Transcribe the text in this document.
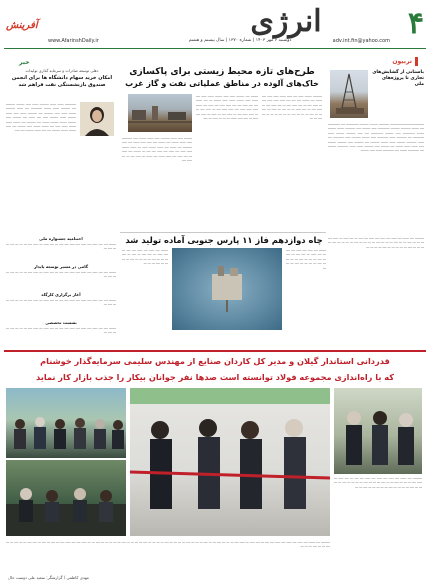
۴
adv.int.fin@yahoo.com
انرژی
دوشنبه ۶ مهر ۱۴۰۳ | شماره ۱۳۷۰ | سال بیستم و هشتم
www.AfarinshDaily.ir
آفرینش
تربیون
خبر
باستانی از گشایش‌های تجاری تا پروژه‌های ملی
ــــــــــــــــــــــــــــــــــ ــــــــــ ــــــــ ـــــــــ ــــــــــــ ــــ ــــــــــــ ــــ ـــــــ ــــــــــ ـــــــــ ــــــــــــ ـــــ ــــــــ ـــــ ــــــــــ ـــــــ ــــــــ ـــــــ ــــــــــــ ـــــ ــــــــ ــــــــــــ ــــ ـــــ ـــــــــ ــــــــ ــــــ ـــــــــــ ــــ ــــــــــ ــــــ ـــــــــــ ـــــ ــــــــ ـــــــــ ـــــ ـــــــــــ ــــ ــــــ ــــــــــ ــــــــ ــــــ ـــــــ ـــــــــ ــــ ـــــــــ ـــــ ـــــــــ ــــــــ ـــــ ــــــ ــــــ ـــــــ ــــ ــــــــ ـــــ ـــــــــ ــــــ ــــــ ـــــــــــ ــــــــ ــــ ـــــــــــ ـــــــ ــــ ـــــــــــ ــــــ ـــــ ــــــــ
دهلی توسعه صادرات و سرمایه گذاری تولیدات
امکان خرید سهام دانشگاه ها برای انجمن صندوق بازنشستگی نفت فراهم شد
ـــــــــــ ــــــ ــــــ ـــــــــ ــــــ ـــــ ــــــــ ـــــــــ ــــ ـــــــــ ــــــ ـــــــ ـــــــــــ ــــ ــــــ ـــــــــ ـــــــ ــــــ ـــــ ـــــــــ ــــ ـــــــــ ــــــ ـــــ ــــــ ــــــــ ــــــ ــــــــ ـــــ ــــ ــــــ ــــ ــــــــ ـــــ ــــــــ ـــــــ ــــــــ ـــــــ ــــ ـــــــــ ــــ ـــــــ ــــــ ـــــــ ــــــ ـــــ ــــ ـــــــ ـــــــ ـــــ ــــــــ ــــ ـــــ ـــــــ ـــــــ ــــــــ ــــ ــــ ــــــ ــــــــ ــــ ـــــ
طرح‌های تازه محیط زیستی برای پاکسازی
خاک‌های آلوده در مناطق عملیاتی نفت و گاز غرب
ــــــــ ـــــ ــــــ ـــــــــ ـــــ ــــــ ـــــــ ـــــ ــــــــــ ـــــ ــــــ ـــــــ ــــ ـــــــ ــــ ـــــ ـــــ ــــــ ــــ ـــــ ـــــــــ ــــ ــــــ ــــ ــــــ ـــــــ ـــــ ـــ ــــــ ـــــــ ـــــ ـــــ ــــ ـــــ ــــ ـــــ ــــ ــــ ـــ ـــــــ ــــ ـــــ ـــ ــــ ـــــ ــــ ـــــ ــــــ ــــ ــــــ ـــ ـــــ ــــ ـــ ـــ ـــــ ــــ
ـــــــ ــــ ــــــــ ـــــ ـــــ ـــــــ ــــــ ـــــ ــــ ــــــ ـــــ ـــــــ ــــــ ـــــ ـــــــ ـــ ــــ ــــــ ــــ ــــ ـــــ ــــ ــــ ـــــ ـــــ ــــ ـــــ ــــ ــــــ ـــــ ـــــ ـــــ ــــ ـــــ ـــــ ــــ ـــ ـــــ ــــ ـــ ـــ ـــــ ـــــ ــــ ـــ ـــــ ــــ ـــ ـــــ ـــ ـــــ ــــ ـــــ ـــ ــــ ـــــ ــــــ ـــ ـــ ـــ ـــــ ـــ ــــ
ـــــــــ ـــــــ ـــــ ــــ ـــــ ــــــ ـــــ ـــــ ــــ ــــــ ــــ ـــــــ ــــ ــــ ــــ ـــــ ـــــ ـــــ ــــ ـــ ـــــ ــــ ـــ ــــ ـــــ ــــ ـــ ــــ ـــــ ــــ ـــ ـــــ ــــ ـــ ــــ ـــــ ـــ ـــ ــــ ـــ ـــــ ـــ ــــ ـــ ـــ ــــ ـــ ـــ ـــ ــــ ـــ ـــ ـــ ـــ ـــ ـــ ـــ ــــ ـــ ـــ
اختتامیه جشنواره ملی
ـــــــ ــــ ــــ ـــــ ــــ ـــــ ــــ ـــــ ــــ ــــ ـــ ــــ ـــــ ـــ ـــــ ــــ ـــ ـــ ـــ ــــ ـــ ـــ ــــ ـــ
گامی در مسیر توسعه پایدار
ـــــــ ــــ ــــ ـــــ ــــ ـــــ ــــ ـــــ ــــ ــــ ـــ ــــ ـــــ ـــ ـــــ ــــ ـــ ـــ ـــ ــــ ـــ ـــ ــــ ـــ
آغاز برگزاری کارگاه
ـــــــ ــــ ــــ ـــــ ــــ ـــــ ــــ ـــــ ــــ ــــ ـــ ــــ ـــــ ـــ ـــــ ــــ ـــ ـــ ـــ ــــ ـــ ـــ ــــ ـــ
نشست تخصصی
ـــــــ ــــ ــــ ـــــ ــــ ـــــ ــــ ـــــ ــــ ــــ ـــ ــــ ـــــ ـــ ـــــ ــــ ـــ ـــ ـــ ــــ ـــ ـــ ــــ ـــ
چاه دوازدهم فاز ۱۱ پارس جنوبی آماده تولید شد
ـــــــ ــــ ـــــ ــــ ـــــ ــــ ــــ ـــ ــــ ـــــ ـــ ــــ ــــ ـــ ــــ ـــ ــــ ـــ ـــ ـــ ــــ ـــ ـــ ـــ ـــ ــــ ـــ ـــ ـــ ـــ ــــ ـــ ـــ ـــ
ـــــــ ــــ ـــــ ــــ ـــــ ــــ ــــ ـــ ــــ ـــــ ـــ ــــ ــــ ـــ ــــ ـــ ــــ ـــ ـــ ـــ ــــ ـــ ـــ ـــ ـــ ــــ ـــ ـــ ـــ ـــ ــــ ـــ ـــ ـــ
ـــــــــ ــــ ــــــ ــــ ـــــ ــــ ـــــ ــــ ـــــ ــــ ــــ ـــ ــــ ـــــ ـــ ـــــ ــــ ـــ ـــ ـــ ــــ ـــ ـــ ــــ ـــ ـــ ـــ ــــ ـــ ـــ ـــ ـــ ــــ ـــ ـــ ـــ ـــ ــــ ـــ ـــ ـــ ـــ ــــ ـــ ـــ ـــ ـــ ـــ ــــ ـــ ـــ ـــ ـــ
قدردانی استاندار گیلان و مدیر کل کاردان صنایع از مهندس سلیمی سرمایه‌گذار خوشنام
که با راه‌اندازی مجموعه فولاد توانسته است صدها نفر جوانان بیکار را جذب بازار کار نماید
ـــــــــ ــــ ــــــ ــــ ـــــ ــــ ـــــ ــــ ـــــ ــــ ــــ ـــ ــــ ـــــ ـــ ـــــ ــــ ـــ ـــ ـــ ــــ ـــ ـــ ــــ ـــ ـــ ـــ ــــ ـــ ـــ ـــ ـــ ــــ ـــ ـــ ـــ ـــ ــــ ـــ ـــ ـــ ـــ ــــ ـــ ـــ ـــ ـــ ـــ ــــ ـــ ـــ
ـــــــــ ــــ ــــــ ــــ ـــــ ــــ ـــــ ــــ ـــــ ــــ ــــ ـــ ــــ ـــــ ـــ ـــــ ــــ ـــ ـــ ـــ ــــ ـــ ـــ ــــ ـــ ـــ ـــ ــــ ـــ ـــ ـــ ـــ ــــ ـــ ـــ ـــ ـــ ــــ ـــ ـــ ـــ ـــ ــــ ـــ ـــ ـــ ـــ ـــ ــــ ـــ ـــ ـــــ ــــ ــــ ـــــ ــــ ـــ ــــ ـــ ــــ ـــ ــــ ــــ ـــ ـــ ــــ ـــ ـــ ــــ ـــ ـــ ــــ ـــ ـــ ـــ
مهدی کاظمی / گزارشگر: سعید علی دوست حال
